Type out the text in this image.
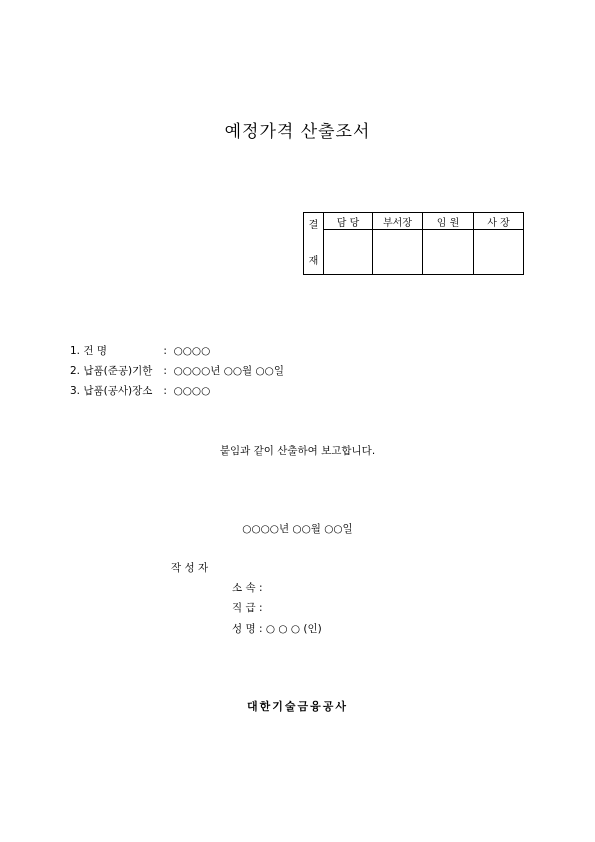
예정가격 산출조서
결
재	담 당	부서장	임 원	사 장

1. 건 명	:  ○○○○
2. 납품(준공)기한 :  ○○○○년 ○○월 ○○일
3. 납품(공사)장소 :  ○○○○
붙임과 같이 산출하여 보고합니다.
○○○○년 ○○월 ○○일
작 성 자
소 속 :
직 급 :
성 명 : ○ ○ ○ (인)
대한기술금융공사
